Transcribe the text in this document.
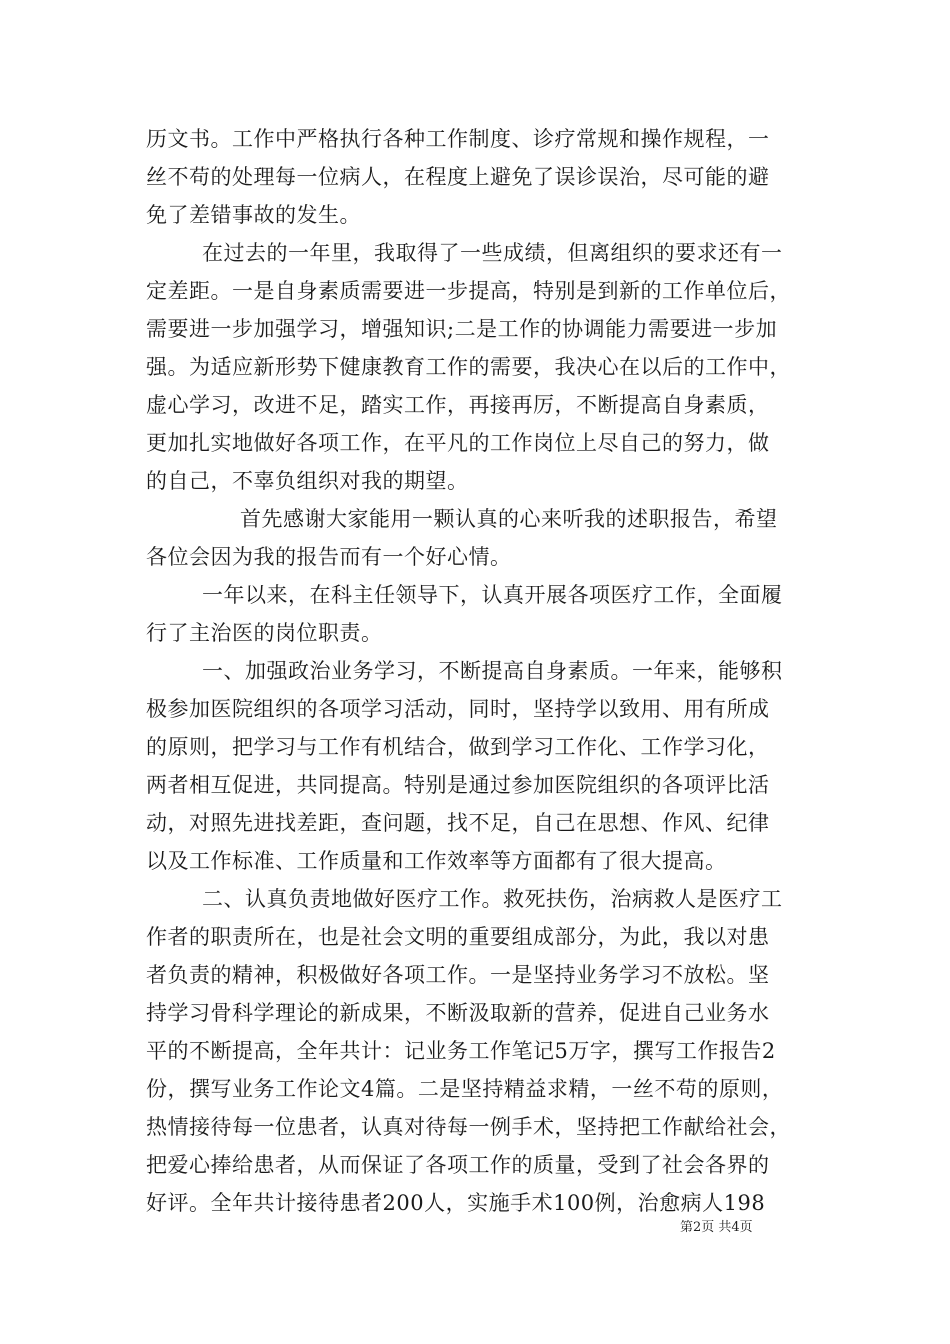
历文书。工作中严格执行各种工作制度、诊疗常规和操作规程，一
丝不苟的处理每一位病人，在程度上避免了误诊误治，尽可能的避
免了差错事故的发生。
在过去的一年里，我取得了一些成绩，但离组织的要求还有一
定差距。一是自身素质需要进一步提高，特别是到新的工作单位后，
需要进一步加强学习，增强知识;二是工作的协调能力需要进一步加
强。为适应新形势下健康教育工作的需要，我决心在以后的工作中，
虚心学习，改进不足，踏实工作，再接再厉，不断提高自身素质，
更加扎实地做好各项工作，在平凡的工作岗位上尽自己的努力，做
的自己，不辜负组织对我的期望。
首先感谢大家能用一颗认真的心来听我的述职报告，希望
各位会因为我的报告而有一个好心情。
一年以来，在科主任领导下，认真开展各项医疗工作，全面履
行了主治医的岗位职责。
一、加强政治业务学习，不断提高自身素质。一年来，能够积
极参加医院组织的各项学习活动，同时，坚持学以致用、用有所成
的原则，把学习与工作有机结合，做到学习工作化、工作学习化，
两者相互促进，共同提高。特别是通过参加医院组织的各项评比活
动，对照先进找差距，查问题，找不足，自己在思想、作风、纪律
以及工作标准、工作质量和工作效率等方面都有了很大提高。
二、认真负责地做好医疗工作。救死扶伤，治病救人是医疗工
作者的职责所在，也是社会文明的重要组成部分，为此，我以对患
者负责的精神，积极做好各项工作。一是坚持业务学习不放松。坚
持学习骨科学理论的新成果，不断汲取新的营养，促进自己业务水
平的不断提高，全年共计：记业务工作笔记5万字，撰写工作报告2
份，撰写业务工作论文4篇。二是坚持精益求精，一丝不苟的原则，
热情接待每一位患者，认真对待每一例手术，坚持把工作献给社会，
把爱心捧给患者，从而保证了各项工作的质量，受到了社会各界的
好评。全年共计接待患者200人，实施手术100例，治愈病人198
第2页 共4页
